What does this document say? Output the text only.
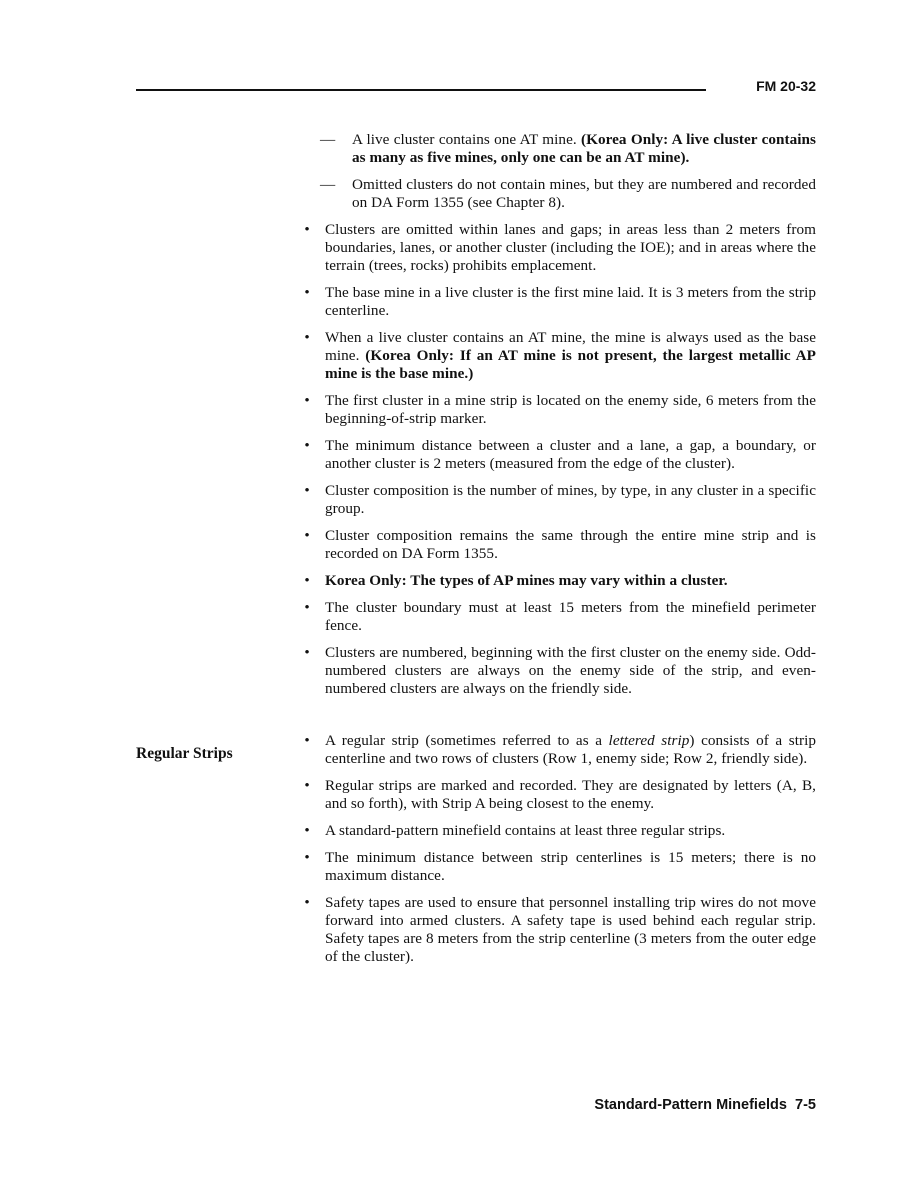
FM 20-32
—	A live cluster contains one AT mine. (Korea Only: A live cluster contains as many as five mines, only one can be an AT mine).
—	Omitted clusters do not contain mines, but they are numbered and recorded on DA Form 1355 (see Chapter 8).
•	Clusters are omitted within lanes and gaps; in areas less than 2 meters from boundaries, lanes, or another cluster (including the IOE); and in areas where the terrain (trees, rocks) prohibits emplacement.
•	The base mine in a live cluster is the first mine laid. It is 3 meters from the strip centerline.
•	When a live cluster contains an AT mine, the mine is always used as the base mine. (Korea Only: If an AT mine is not present, the largest metallic AP mine is the base mine.)
•	The first cluster in a mine strip is located on the enemy side, 6 meters from the beginning-of-strip marker.
•	The minimum distance between a cluster and a lane, a gap, a boundary, or another cluster is 2 meters (measured from the edge of the cluster).
•	Cluster composition is the number of mines, by type, in any cluster in a specific group.
•	Cluster composition remains the same through the entire mine strip and is recorded on DA Form 1355.
•	Korea Only: The types of AP mines may vary within a cluster.
•	The cluster boundary must at least 15 meters from the minefield perimeter fence.
•	Clusters are numbered, beginning with the first cluster on the enemy side. Odd-numbered clusters are always on the enemy side of the strip, and even-numbered clusters are always on the friendly side.
•	A regular strip (sometimes referred to as a lettered strip) consists of a strip centerline and two rows of clusters (Row 1, enemy side; Row 2, friendly side).
•	Regular strips are marked and recorded. They are designated by letters (A, B, and so forth), with Strip A being closest to the enemy.
•	A standard-pattern minefield contains at least three regular strips.
•	The minimum distance between strip centerlines is 15 meters; there is no maximum distance.
•	Safety tapes are used to ensure that personnel installing trip wires do not move forward into armed clusters. A safety tape is used behind each regular strip. Safety tapes are 8 meters from the strip centerline (3 meters from the outer edge of the cluster).
Regular Strips
Standard-Pattern Minefields 7-5
